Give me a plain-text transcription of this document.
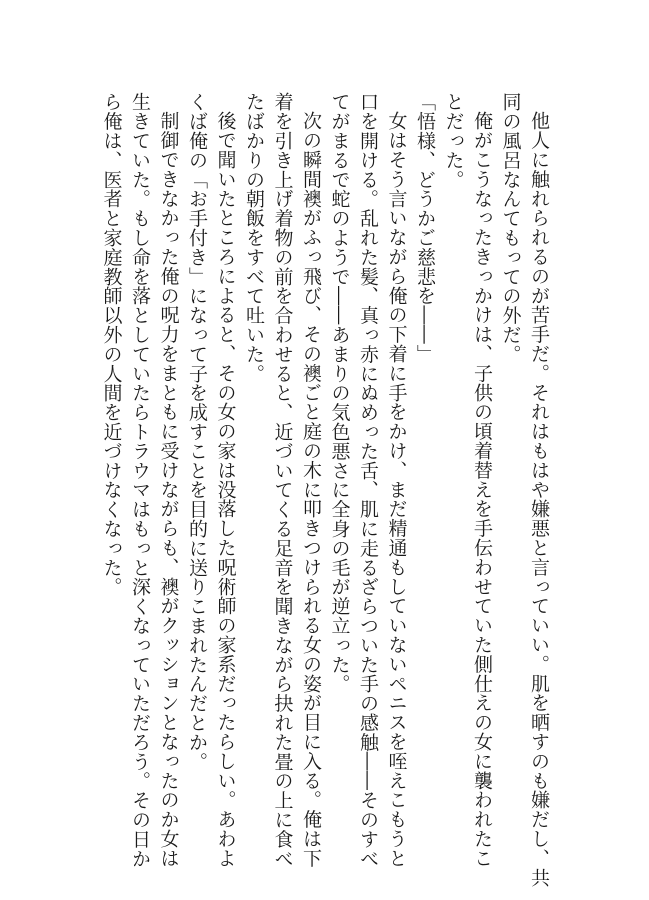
他人に触れられるのが苦手だ。それはもはや嫌悪と言っていい。肌を晒すのも嫌だし、共
同の風呂なんてもっての外だ。
俺がこうなったきっかけは、子供の頃着替えを手伝わせていた側仕えの女に襲われたこ
とだった。
「悟様、どうかご慈悲を――」
女はそう言いながら俺の下着に手をかけ、まだ精通もしていないペニスを咥えこもうと
口を開ける。乱れた髪、真っ赤にぬめった舌、肌に走るざらついた手の感触――そのすべ
てがまるで蛇のようで――あまりの気色悪さに全身の毛が逆立った。
次の瞬間襖がふっ飛び、その襖ごと庭の木に叩きつけられる女の姿が目に入る。俺は下
着を引き上げ着物の前を合わせると、近づいてくる足音を聞きながら抉れた畳の上に食べ
たばかりの朝飯をすべて吐いた。
後で聞いたところによると、その女の家は没落した呪術師の家系だったらしい。あわよ
くば俺の「お手付き」になって子を成すことを目的に送りこまれたんだとか。
制御できなかった俺の呪力をまともに受けながらも、襖がクッションとなったのか女は
生きていた。もし命を落としていたらトラウマはもっと深くなっていただろう。その日か
ら俺は、医者と家庭教師以外の人間を近づけなくなった。
